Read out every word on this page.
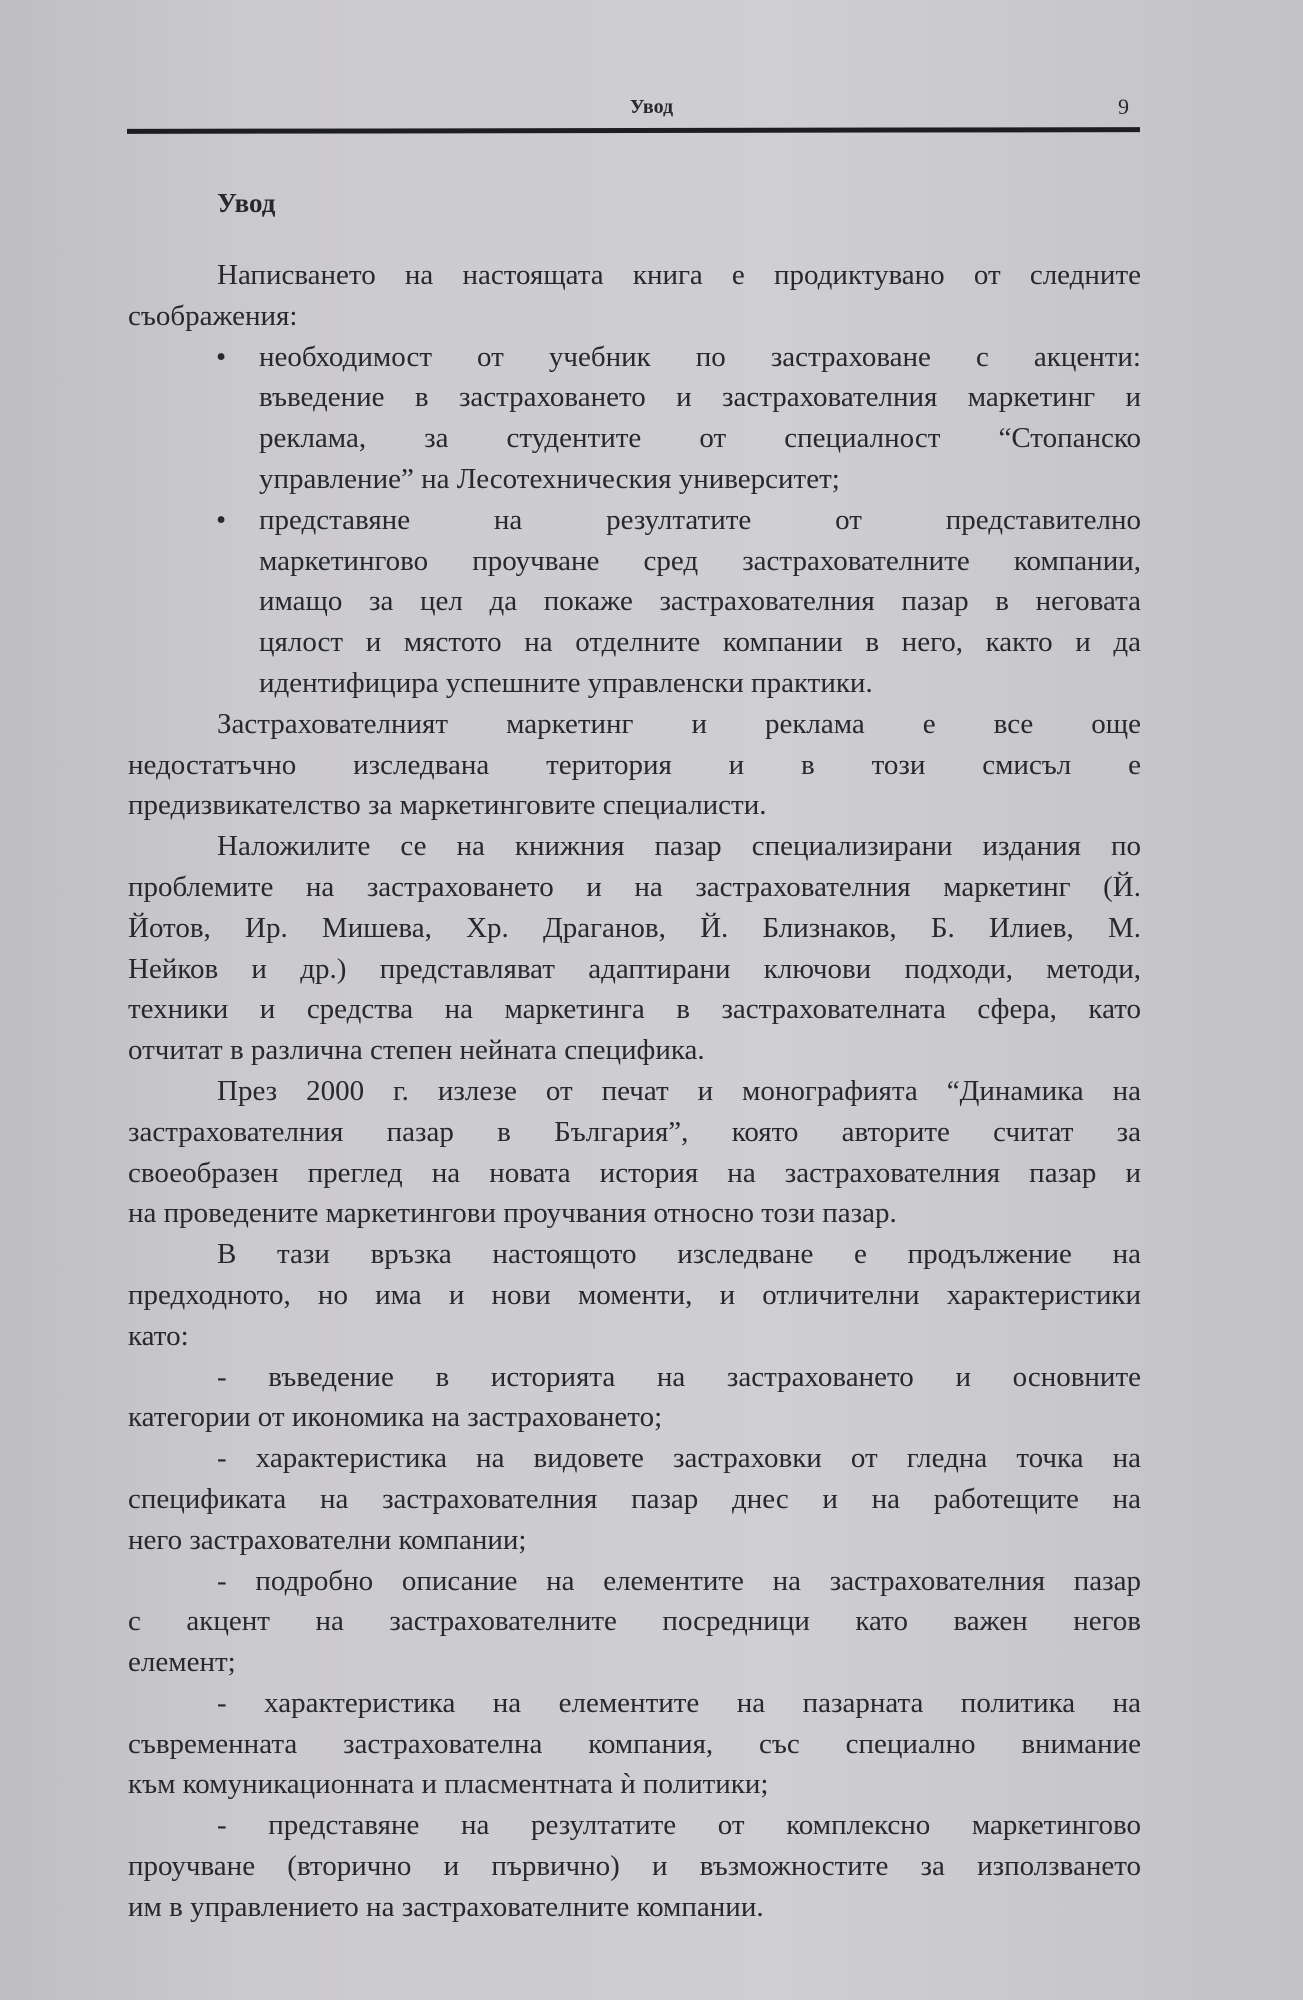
Увод	9
Увод
Написването на настоящата книга е продиктувано от следните
съображения:
• необходимост от учебник по застраховане с акценти:
въведение в застраховането и застрахователния маркетинг и
реклама, за студентите от специалност “Стопанско
управление” на Лесотехническия университет;
• представяне на резултатите от представително
маркетингово проучване сред застрахователните компании,
имащо за цел да покаже застрахователния пазар в неговата
цялост и мястото на отделните компании в него, както и да
идентифицира успешните управленски практики.
Застрахователният маркетинг и реклама е все още
недостатъчно изследвана територия и в този смисъл е
предизвикателство за маркетинговите специалисти.
Наложилите се на книжния пазар специализирани издания по
проблемите на застраховането и на застрахователния маркетинг (Й.
Йотов, Ир. Мишева, Хр. Драганов, Й. Близнаков, Б. Илиев, М.
Нейков и др.) представляват адаптирани ключови подходи, методи,
техники и средства на маркетинга в застрахователната сфера, като
отчитат в различна степен нейната специфика.
През 2000 г. излезе от печат и монографията “Динамика на
застрахователния пазар в България”, която авторите считат за
своеобразен преглед на новата история на застрахователния пазар и
на проведените маркетингови проучвания относно този пазар.
В тази връзка настоящото изследване е продължение на
предходното, но има и нови моменти, и отличителни характеристики
като:
- въведение в историята на застраховането и основните
категории от икономика на застраховането;
- характеристика на видовете застраховки от гледна точка на
спецификата на застрахователния пазар днес и на работещите на
него застрахователни компании;
- подробно описание на елементите на застрахователния пазар
с акцент на застрахователните посредници като важен негов
елемент;
- характеристика на елементите на пазарната политика на
съвременната застрахователна компания, със специално внимание
към комуникационната и пласментната ѝ политики;
- представяне на резултатите от комплексно маркетингово
проучване (вторично и първично) и възможностите за използването
им в управлението на застрахователните компании.
